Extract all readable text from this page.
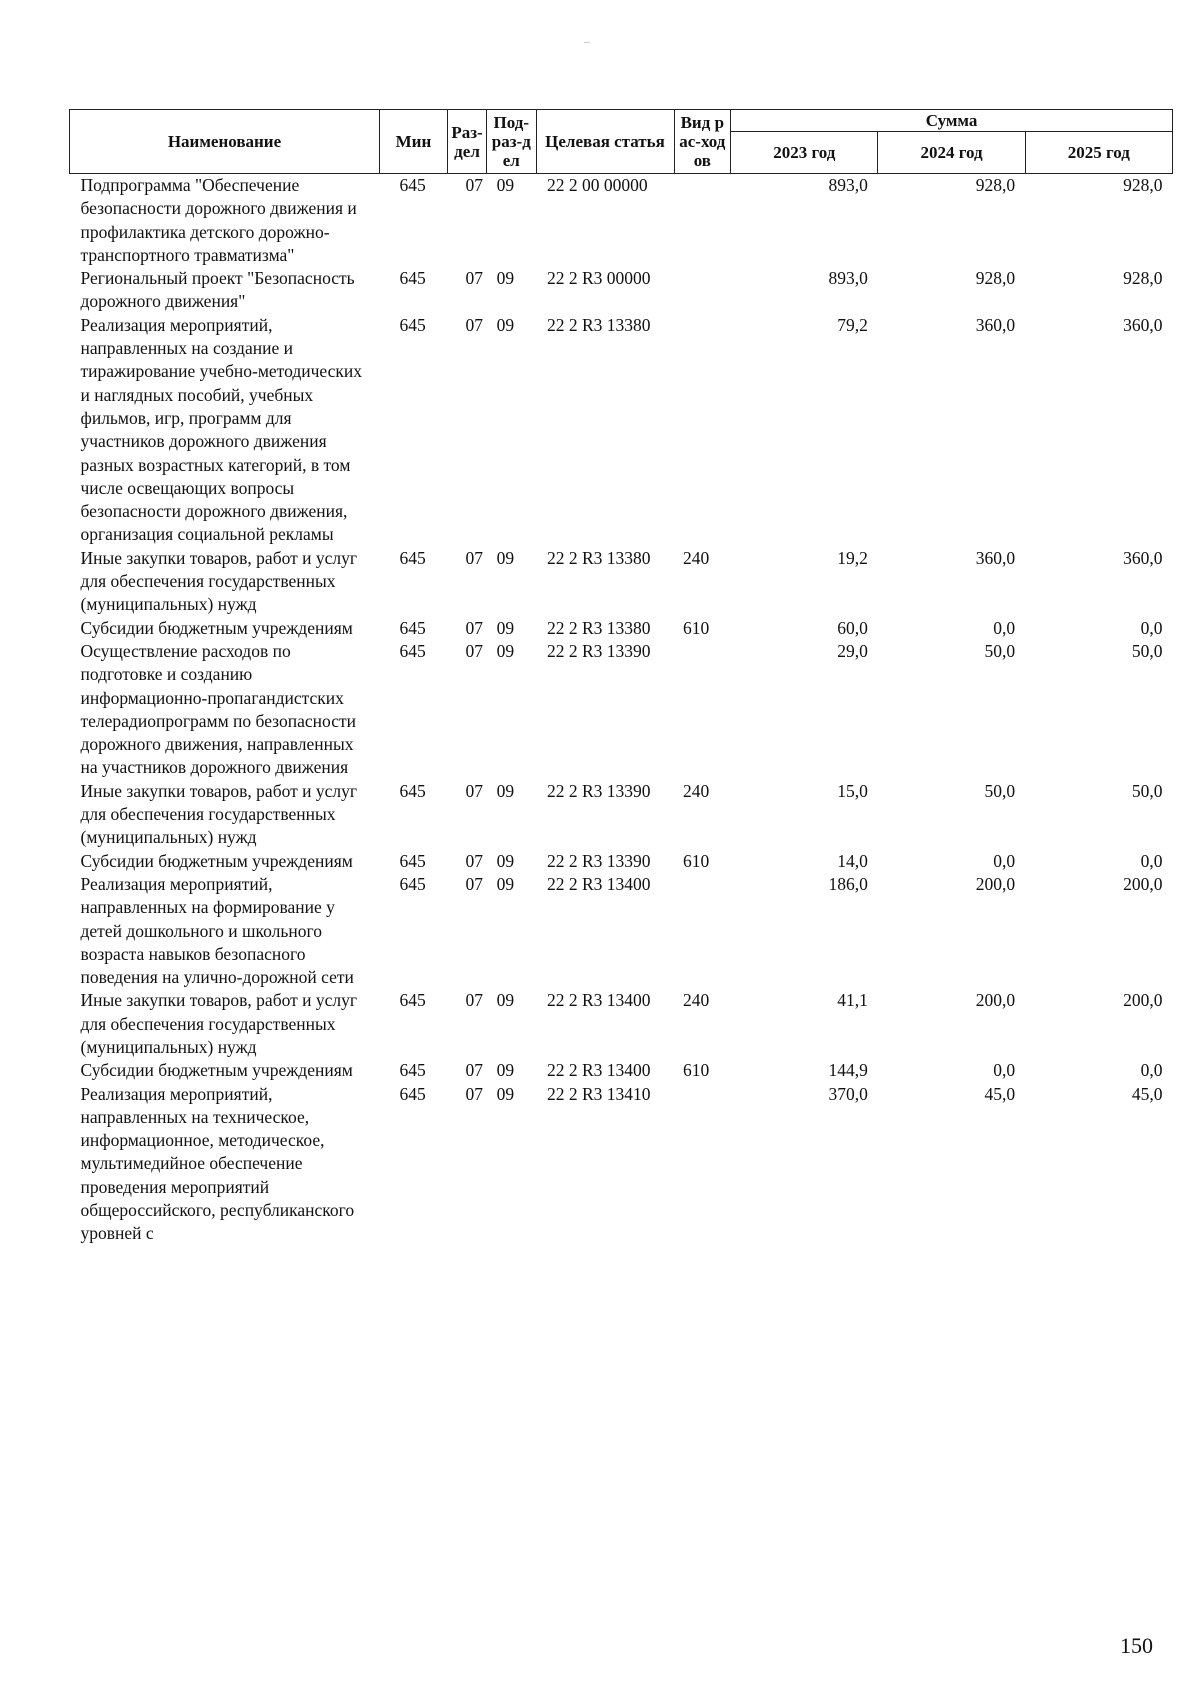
Наименование	Мин	Раз-дел	Под-раз-дел	Целевая статья	Вид рас-ходов	Сумма		
						2023 год	2024 год	2025 год
Подпрограмма "Обеспечение безопасности дорожного движения и профилактика детского дорожно-транспортного травматизма"	645	07	09	22 2 00 00000		893,0	928,0	928,0
Региональный проект "Безопасность дорожного движения"	645	07	09	22 2 R3 00000		893,0	928,0	928,0
Реализация мероприятий, направленных на создание и тиражирование учебно-методических и наглядных пособий, учебных фильмов, игр, программ для участников дорожного движения разных возрастных категорий, в том числе освещающих вопросы безопасности дорожного движения, организация социальной рекламы	645	07	09	22 2 R3 13380		79,2	360,0	360,0
Иные закупки товаров, работ и услуг для обеспечения государственных (муниципальных) нужд	645	07	09	22 2 R3 13380	240	19,2	360,0	360,0
Субсидии бюджетным учреждениям	645	07	09	22 2 R3 13380	610	60,0	0,0	0,0
Осуществление расходов по подготовке и созданию информационно-пропагандистских телерадиопрограмм по безопасности дорожного движения, направленных на участников дорожного движения	645	07	09	22 2 R3 13390		29,0	50,0	50,0
Иные закупки товаров, работ и услуг для обеспечения государственных (муниципальных) нужд	645	07	09	22 2 R3 13390	240	15,0	50,0	50,0
Субсидии бюджетным учреждениям	645	07	09	22 2 R3 13390	610	14,0	0,0	0,0
Реализация мероприятий, направленных на формирование у детей дошкольного и школьного возраста навыков безопасного поведения на улично-дорожной сети	645	07	09	22 2 R3 13400		186,0	200,0	200,0
Иные закупки товаров, работ и услуг для обеспечения государственных (муниципальных) нужд	645	07	09	22 2 R3 13400	240	41,1	200,0	200,0
Субсидии бюджетным учреждениям	645	07	09	22 2 R3 13400	610	144,9	0,0	0,0
Реализация мероприятий, направленных на техническое, информационное, методическое, мультимедийное обеспечение проведения мероприятий общероссийского, республиканского уровней с	645	07	09	22 2 R3 13410		370,0	45,0	45,0
150
